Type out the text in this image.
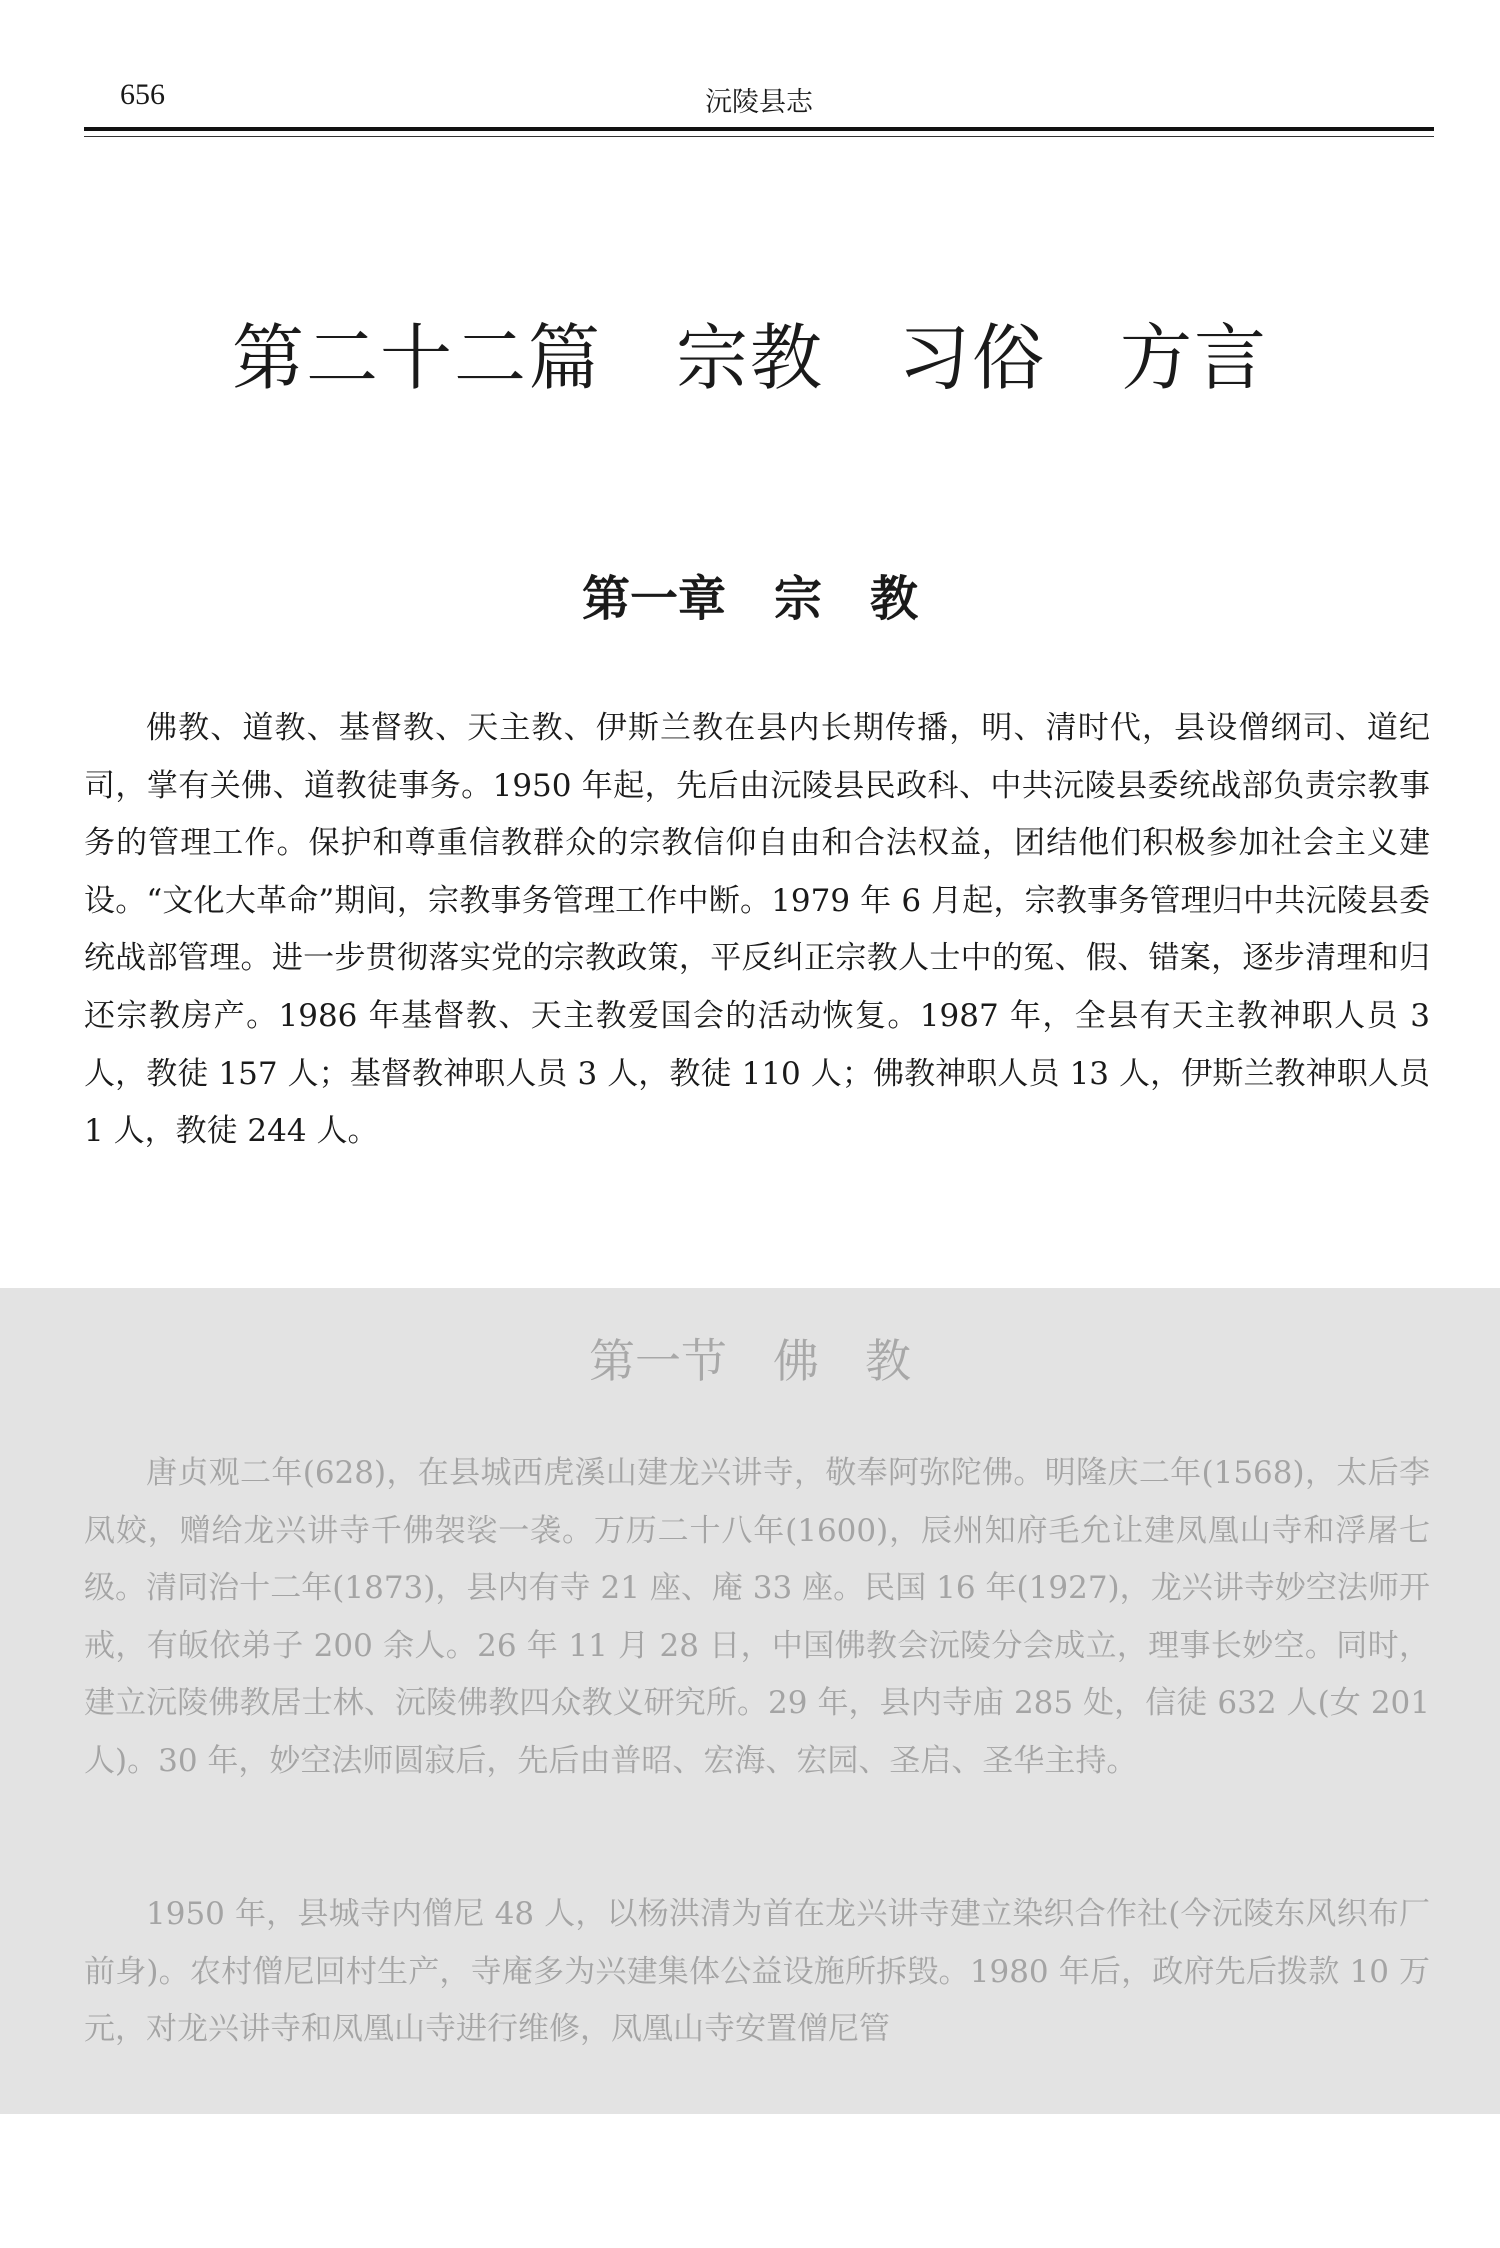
656	沅陵县志
第二十二篇　宗教　习俗　方言
第一章　宗　教

佛教、道教、基督教、天主教、伊斯兰教在县内长期传播，明、清时代，县设僧纲司、道纪司，掌有关佛、道教徒事务。1950 年起，先后由沅陵县民政科、中共沅陵县委统战部负责宗教事务的管理工作。保护和尊重信教群众的宗教信仰自由和合法权益，团结他们积极参加社会主义建设。“文化大革命”期间，宗教事务管理工作中断。1979 年 6 月起，宗教事务管理归中共沅陵县委统战部管理。进一步贯彻落实党的宗教政策，平反纠正宗教人士中的冤、假、错案，逐步清理和归还宗教房产。1986 年基督教、天主教爱国会的活动恢复。1987 年，全县有天主教神职人员 3 人，教徒 157 人；基督教神职人员 3 人，教徒 110 人；佛教神职人员 13 人，伊斯兰教神职人员 1 人，教徒 244 人。

第一节　佛　教

唐贞观二年(628)，在县城西虎溪山建龙兴讲寺，敬奉阿弥陀佛。明隆庆二年(1568)，太后李凤姣，赠给龙兴讲寺千佛袈裟一袭。万历二十八年(1600)，辰州知府毛允让建凤凰山寺和浮屠七级。清同治十二年(1873)，县内有寺 21 座、庵 33 座。民国 16 年(1927)，龙兴讲寺妙空法师开戒，有皈依弟子 200 余人。26 年 11 月 28 日，中国佛教会沅陵分会成立，理事长妙空。同时，建立沅陵佛教居士林、沅陵佛教四众教义研究所。29 年，县内寺庙 285 处，信徒 632 人(女 201 人)。30 年，妙空法师圆寂后，先后由普昭、宏海、宏园、圣启、圣华主持。

1950 年，县城寺内僧尼 48 人，以杨洪清为首在龙兴讲寺建立染织合作社(今沅陵东风织布厂前身)。农村僧尼回村生产，寺庵多为兴建集体公益设施所拆毁。1980 年后，政府先后拨款 10 万元，对龙兴讲寺和凤凰山寺进行维修，凤凰山寺安置僧尼管
